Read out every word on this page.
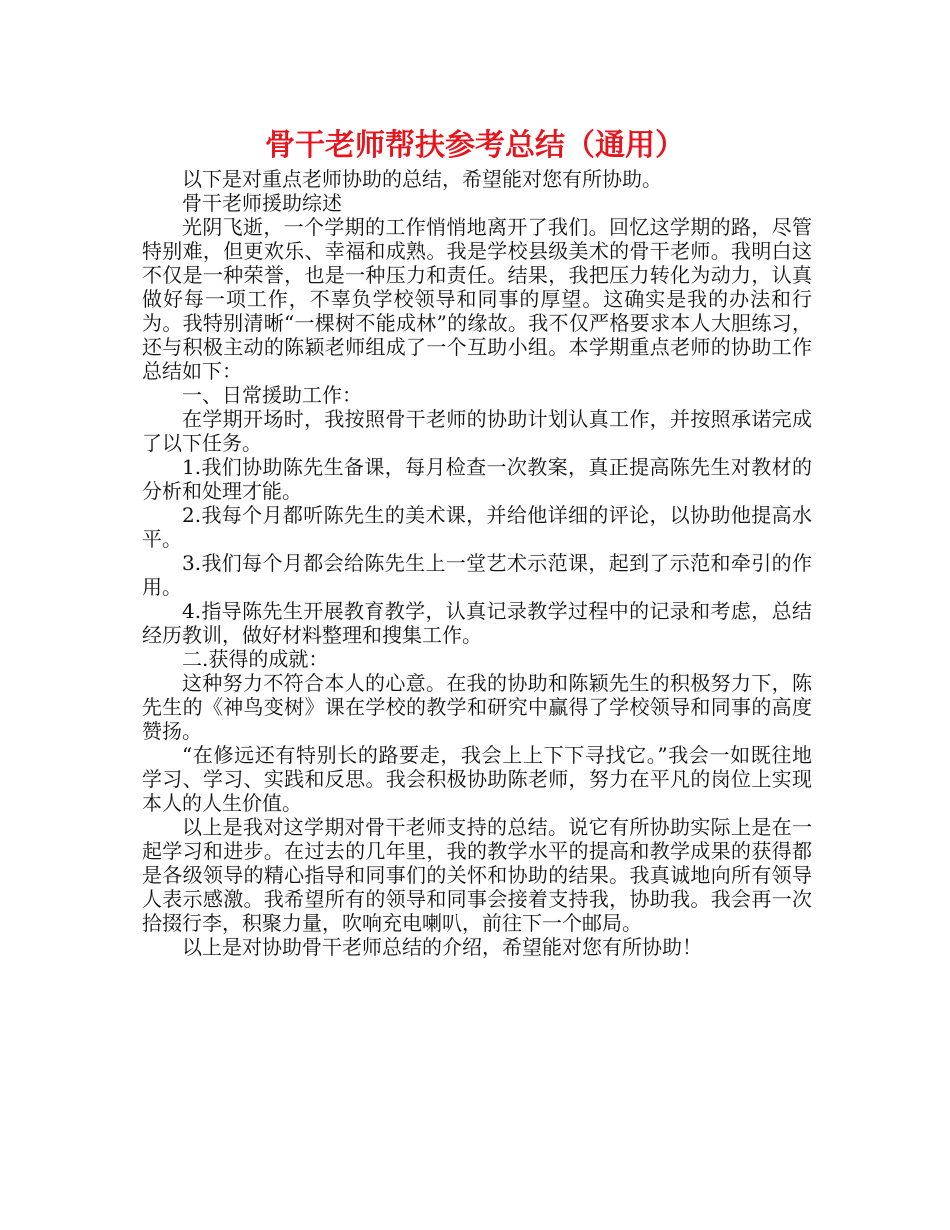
骨干老师帮扶参考总结（通用）

以下是对重点老师协助的总结，希望能对您有所协助。

骨干老师援助综述

光阴飞逝，一个学期的工作悄悄地离开了我们。回忆这学期的路，尽管特别难，但更欢乐、幸福和成熟。我是学校县级美术的骨干老师。我明白这不仅是一种荣誉，也是一种压力和责任。结果，我把压力转化为动力，认真做好每一项工作，不辜负学校领导和同事的厚望。这确实是我的办法和行为。我特别清晰“一棵树不能成林”的缘故。我不仅严格要求本人大胆练习，还与积极主动的陈颖老师组成了一个互助小组。本学期重点老师的协助工作总结如下：

一、日常援助工作：

在学期开场时，我按照骨干老师的协助计划认真工作，并按照承诺完成了以下任务。

1.我们协助陈先生备课，每月检查一次教案，真正提高陈先生对教材的分析和处理才能。

2.我每个月都听陈先生的美术课，并给他详细的评论，以协助他提高水平。

3.我们每个月都会给陈先生上一堂艺术示范课，起到了示范和牵引的作用。

4.指导陈先生开展教育教学，认真记录教学过程中的记录和考虑，总结经历教训，做好材料整理和搜集工作。

二.获得的成就：

这种努力不符合本人的心意。在我的协助和陈颖先生的积极努力下，陈先生的《神鸟变树》课在学校的教学和研究中赢得了学校领导和同事的高度赞扬。

“在修远还有特别长的路要走，我会上上下下寻找它。”我会一如既往地学习、学习、实践和反思。我会积极协助陈老师，努力在平凡的岗位上实现本人的人生价值。

以上是我对这学期对骨干老师支持的总结。说它有所协助实际上是在一起学习和进步。在过去的几年里，我的教学水平的提高和教学成果的获得都是各级领导的精心指导和同事们的关怀和协助的结果。我真诚地向所有领导人表示感激。我希望所有的领导和同事会接着支持我，协助我。我会再一次拾掇行李，积聚力量，吹响充电喇叭，前往下一个邮局。

以上是对协助骨干老师总结的介绍，希望能对您有所协助！
